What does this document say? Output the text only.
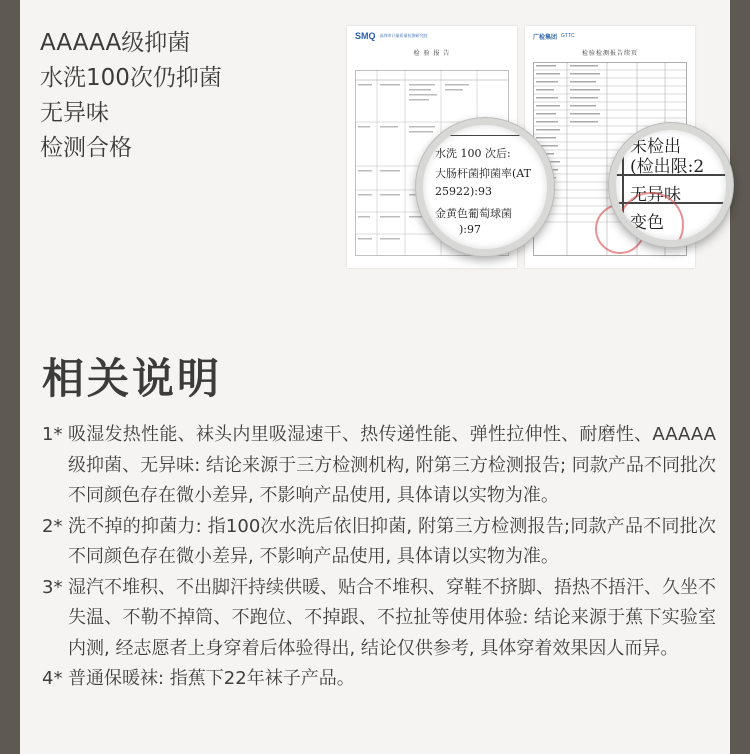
AAAAA级抑菌
水洗100次仍抑菌
无异味
检测合格
SMQ 深圳市计量质量检测研究院
检 验 报 告
广检集团 GTTC
检验检测报告续页
水洗 100 次后:
大肠杆菌抑菌率(AT
25922):93
金黄色葡萄球菌
):97
未检出
(检出限:2
无异味
变色
相关说明
1* 吸湿发热性能、袜头内里吸湿速干、热传递性能、弹性拉伸性、耐磨性、AAAAA级抑菌、无异味: 结论来源于三方检测机构, 附第三方检测报告; 同款产品不同批次不同颜色存在微小差异, 不影响产品使用, 具体请以实物为准。
2* 洗不掉的抑菌力: 指100次水洗后依旧抑菌, 附第三方检测报告;同款产品不同批次不同颜色存在微小差异, 不影响产品使用, 具体请以实物为准。
3* 湿汽不堆积、不出脚汗持续供暖、贴合不堆积、穿鞋不挤脚、捂热不捂汗、久坐不失温、不勒不掉筒、不跑位、不掉跟、不拉扯等使用体验: 结论来源于蕉下实验室内测, 经志愿者上身穿着后体验得出, 结论仅供参考, 具体穿着效果因人而异。
4* 普通保暖袜: 指蕉下22年袜子产品。
